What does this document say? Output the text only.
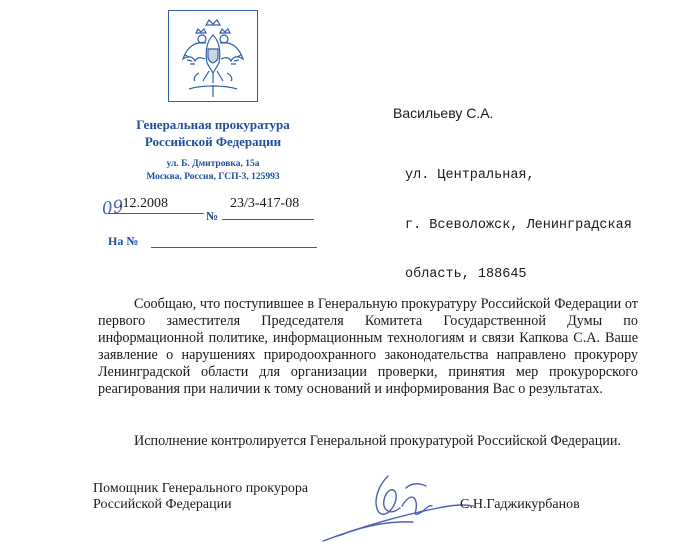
Генеральная прокуратура
Российской Федерации
ул. Б. Дмитровка, 15а
Москва, Россия, ГСП-3, 125993
09
.12.2008
№
23/3-417-08
На №
Васильеву С.А.

ул. Центральная,

г. Всеволожск, Ленинградская

область, 188645

Сообщаю, что поступившее в Генеральную прокуратуру Российской Федерации от первого заместителя Председателя Комитета Государственной Думы по информационной политике, информационным технологиям и связи Капкова С.А. Ваше заявление о нарушениях природоохранного законодательства направлено прокурору Ленинградской области для организации проверки, принятия мер прокурорского реагирования при наличии к тому оснований и информирования Вас о результатах.
Исполнение контролируется Генеральной прокуратурой Российской Федерации.
Помощник Генерального прокурора
Российской Федерации	С.Н.Гаджикурбанов
